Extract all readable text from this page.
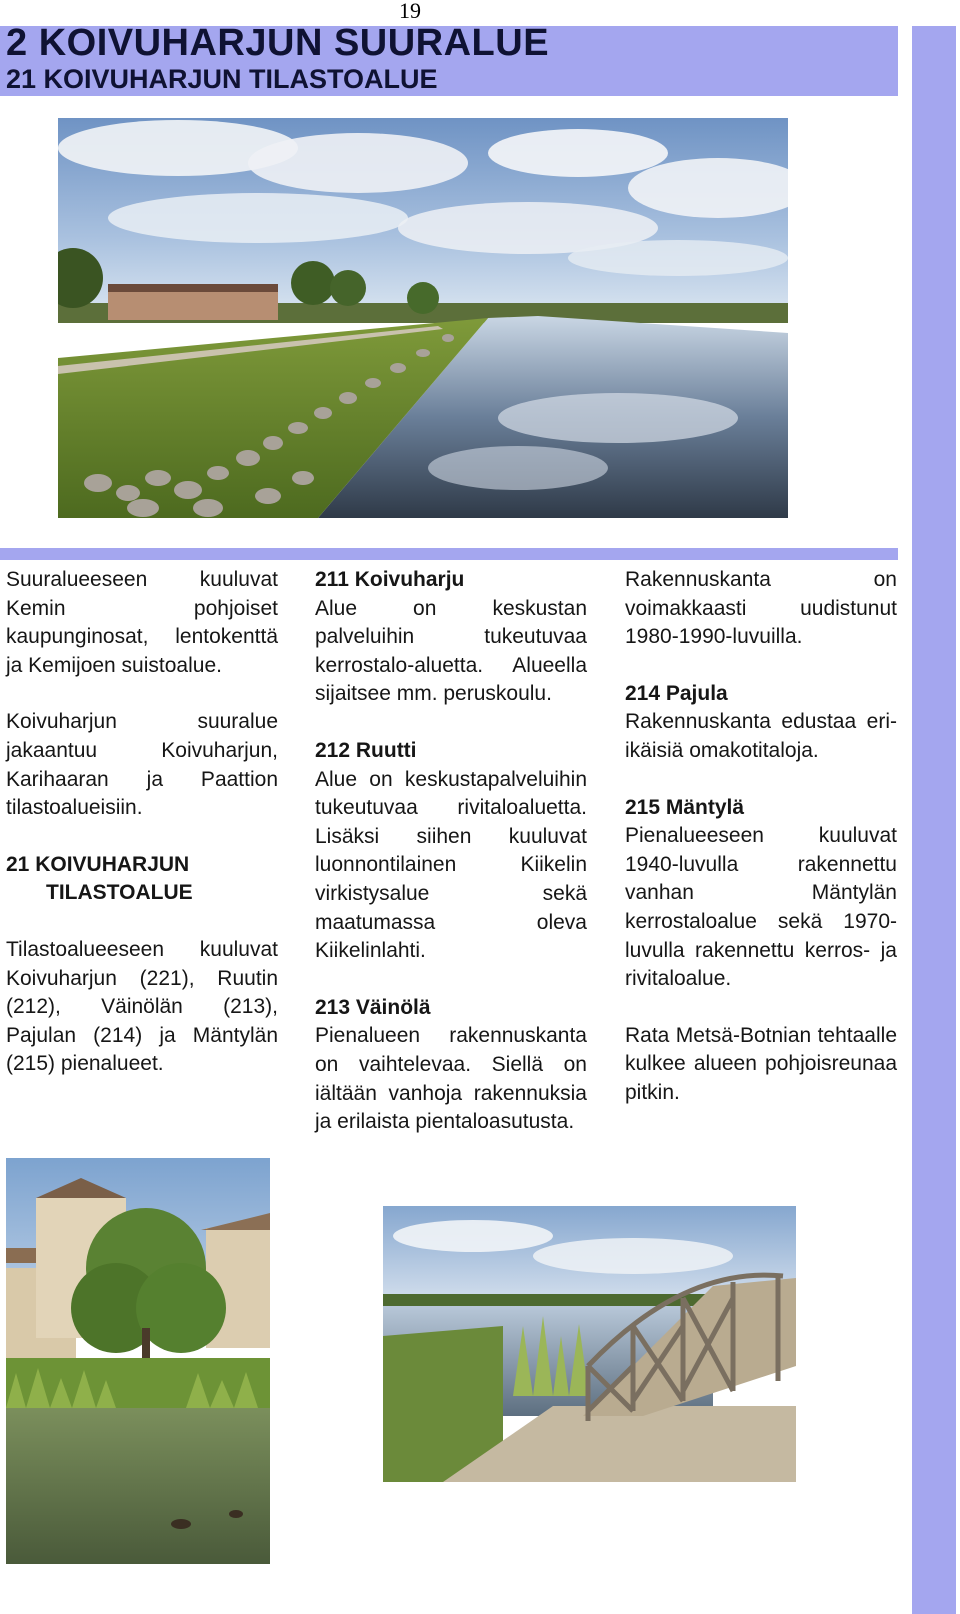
19
2 KOIVUHARJUN SUURALUE
21 KOIVUHARJUN TILASTOALUE

Suuralueeseen kuuluvat Kemin pohjoiset kaupunginosat, lentokenttä ja Kemijoen suistoalue.

Koivuharjun suuralue jakaantuu Koivuharjun, Karihaaran ja Paattion tilastoalueisiin.

21 KOIVUHARJUN
TILASTOALUE

Tilastoalueeseen kuuluvat Koivuharjun (221), Ruutin (212), Väinölän (213), Pajulan (214) ja Mäntylän (215) pienalueet.

211 Koivuharju
Alue on keskustan palveluihin tukeutuvaa kerrostalo-aluetta. Alueella sijaitsee mm. peruskoulu.

212 Ruutti
Alue on keskustapalveluihin tukeutuvaa rivitaloaluetta. Lisäksi siihen kuuluvat luonnontilainen Kiikelin virkistysalue sekä maatumassa oleva Kiikelinlahti.

213 Väinölä
Pienalueen rakennuskanta on vaihtelevaa. Siellä on iältään vanhoja rakennuksia ja erilaista pientaloasutusta.

Rakennuskanta on voimakkaasti uudistunut 1980-1990-luvuilla.

214 Pajula
Rakennuskanta edustaa eri-ikäisiä omakotitaloja.

215 Mäntylä
Pienalueeseen kuuluvat 1940-luvulla rakennettu vanhan Mäntylän kerrostaloalue sekä 1970-luvulla rakennettu kerros- ja rivitaloalue.

Rata Metsä-Botnian tehtaalle kulkee alueen pohjoisreunaa pitkin.
